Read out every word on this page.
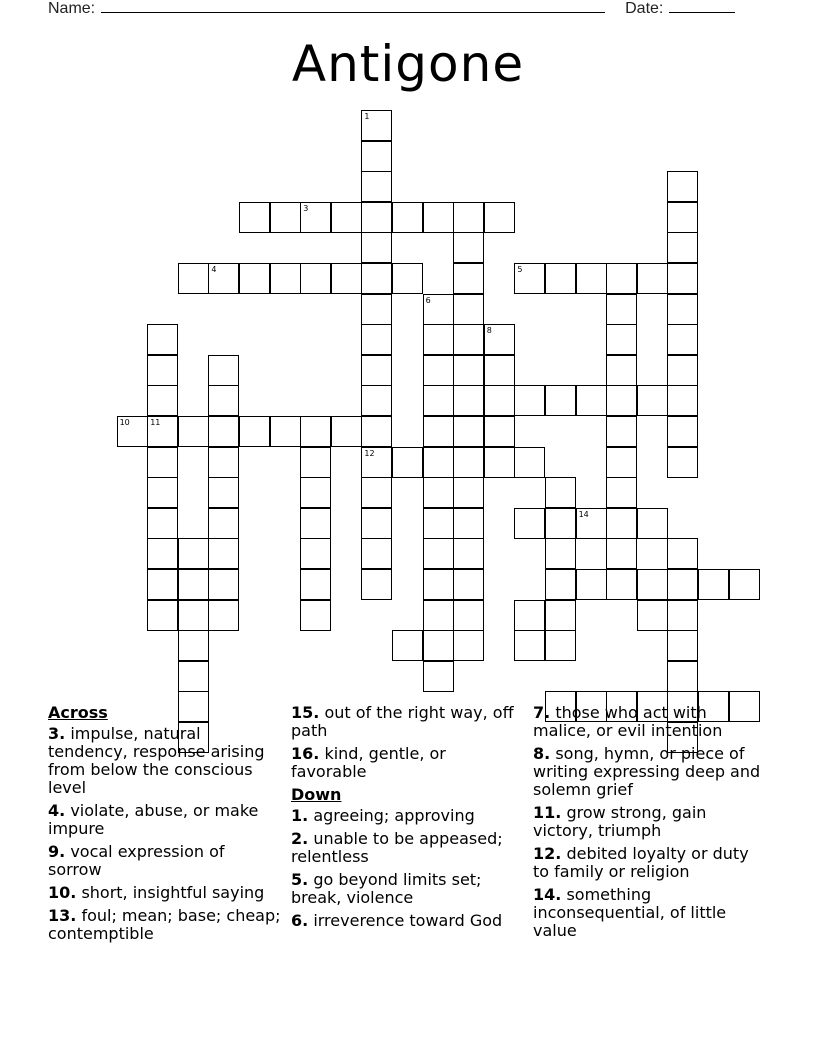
Name:	Date:
Antigone
1
12
3
4
10	11
6
8
5
14
Across
3. impulse, natural tendency, response arising from below the conscious level
4. violate, abuse, or make impure
9. vocal expression of sorrow
10. short, insightful saying
13. foul; mean; base; cheap; contemptible
15. out of the right way, off path
16. kind, gentle, or favorable
Down
1. agreeing; approving
2. unable to be appeased; relentless
5. go beyond limits set; break, violence
6. irreverence toward God
7. those who act with malice, or evil intention
8. song, hymn, or piece of writing expressing deep and solemn grief
11. grow strong, gain victory, triumph
12. debited loyalty or duty to family or religion
14. something inconsequential, of little value
